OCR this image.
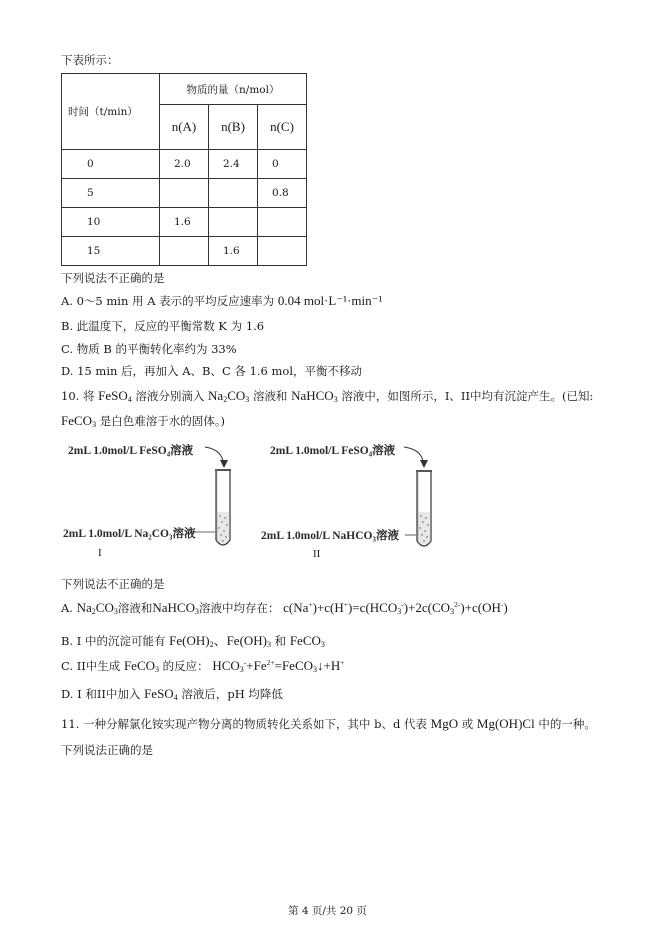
下表所示：
时间（t/min）	物质的量（n/mol）		
	n(A)	n(B)	n(C)
0	2.0	2.4	0
5			0.8
10	1.6		
15		1.6	
下列说法不正确的是
A. 0～5 min 用 A 表示的平均反应速率为 0.04 mol·L⁻¹·min⁻¹
B. 此温度下，反应的平衡常数 K 为 1.6
C. 物质 B 的平衡转化率约为 33%
D. 15 min 后，再加入 A、B、C 各 1.6 mol，平衡不移动
10. 将 FeSO$_4$ 溶液分别滴入 $Na_2CO_3$ 溶液和 NaHCO$_3$ 溶液中，如图所示，I、II中均有沉淀产生。(已知:
FeCO$_3$ 是白色难溶于水的固体。)
2mL 1.0mol/L FeSO₄溶液
2mL 1.0mol/L Na₂CO₃溶液
I
2mL 1.0mol/L FeSO₄溶液
2mL 1.0mol/L NaHCO₃溶液
II
下列说法不正确的是
A. $Na_2CO_3$溶液和NaHCO$_3$溶液中均存在： $c(Na^+)+c(H^+)=c(HCO_3^-)+2c(CO_3^{2-})+c(OH^-)$
B. I 中的沉淀可能有 $Fe(OH)_2$、$Fe(OH)_3$ 和 FeCO$_3$
C. II中生成 FeCO$_3$ 的反应： $HCO_3^-+Fe^{2+}=FeCO_3↓+H^+$
D. I 和II中加入 FeSO$_4$ 溶液后，pH 均降低
11. 一种分解氯化铵实现产物分离的物质转化关系如下，其中 b、d 代表 MgO 或 Mg(OH)Cl 中的一种。
下列说法正确的是
第 4 页/共 20 页
